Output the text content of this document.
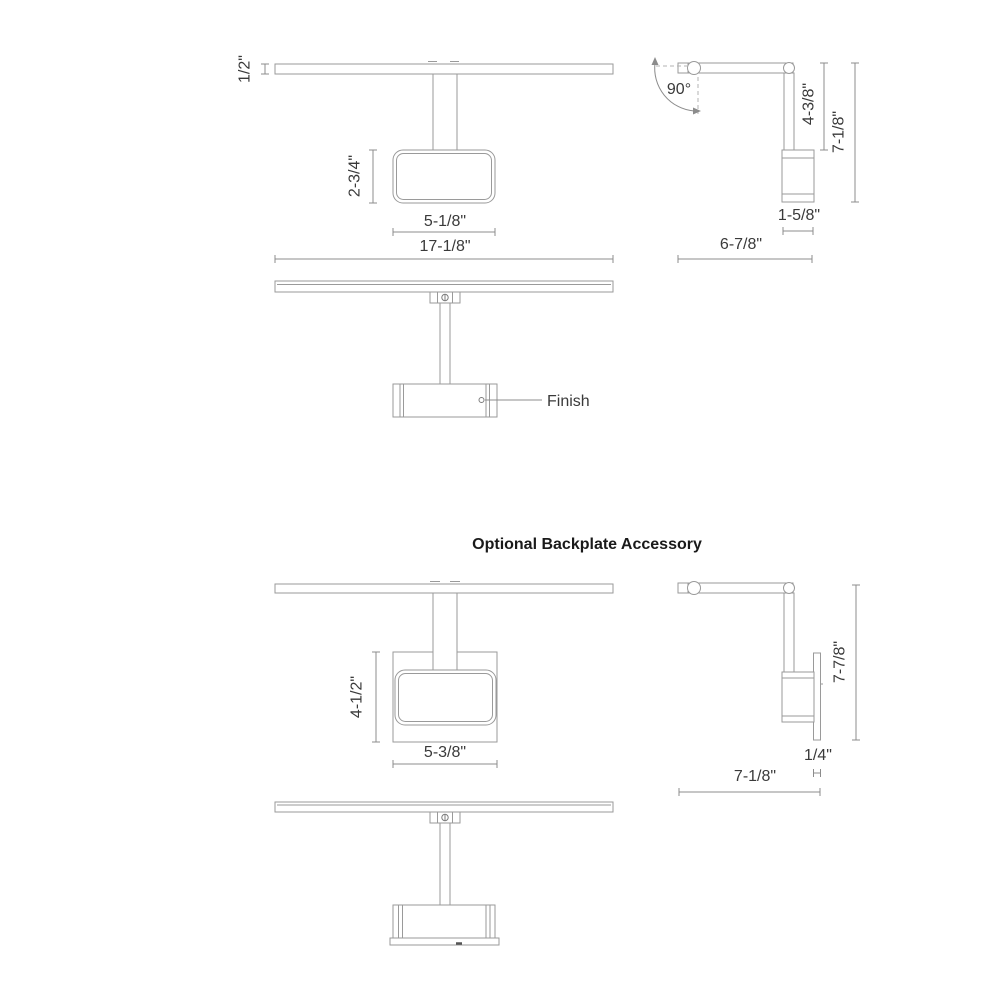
1/2"
2-3/4"
5-1/8"
17-1/8"
90°	4-3/8"
7-1/8"
1-5/8"
6-7/8"
Finish
Optional Backplate Accessory
4-1/2"
5-3/8"
7-7/8"
1/4"
7-1/8"
